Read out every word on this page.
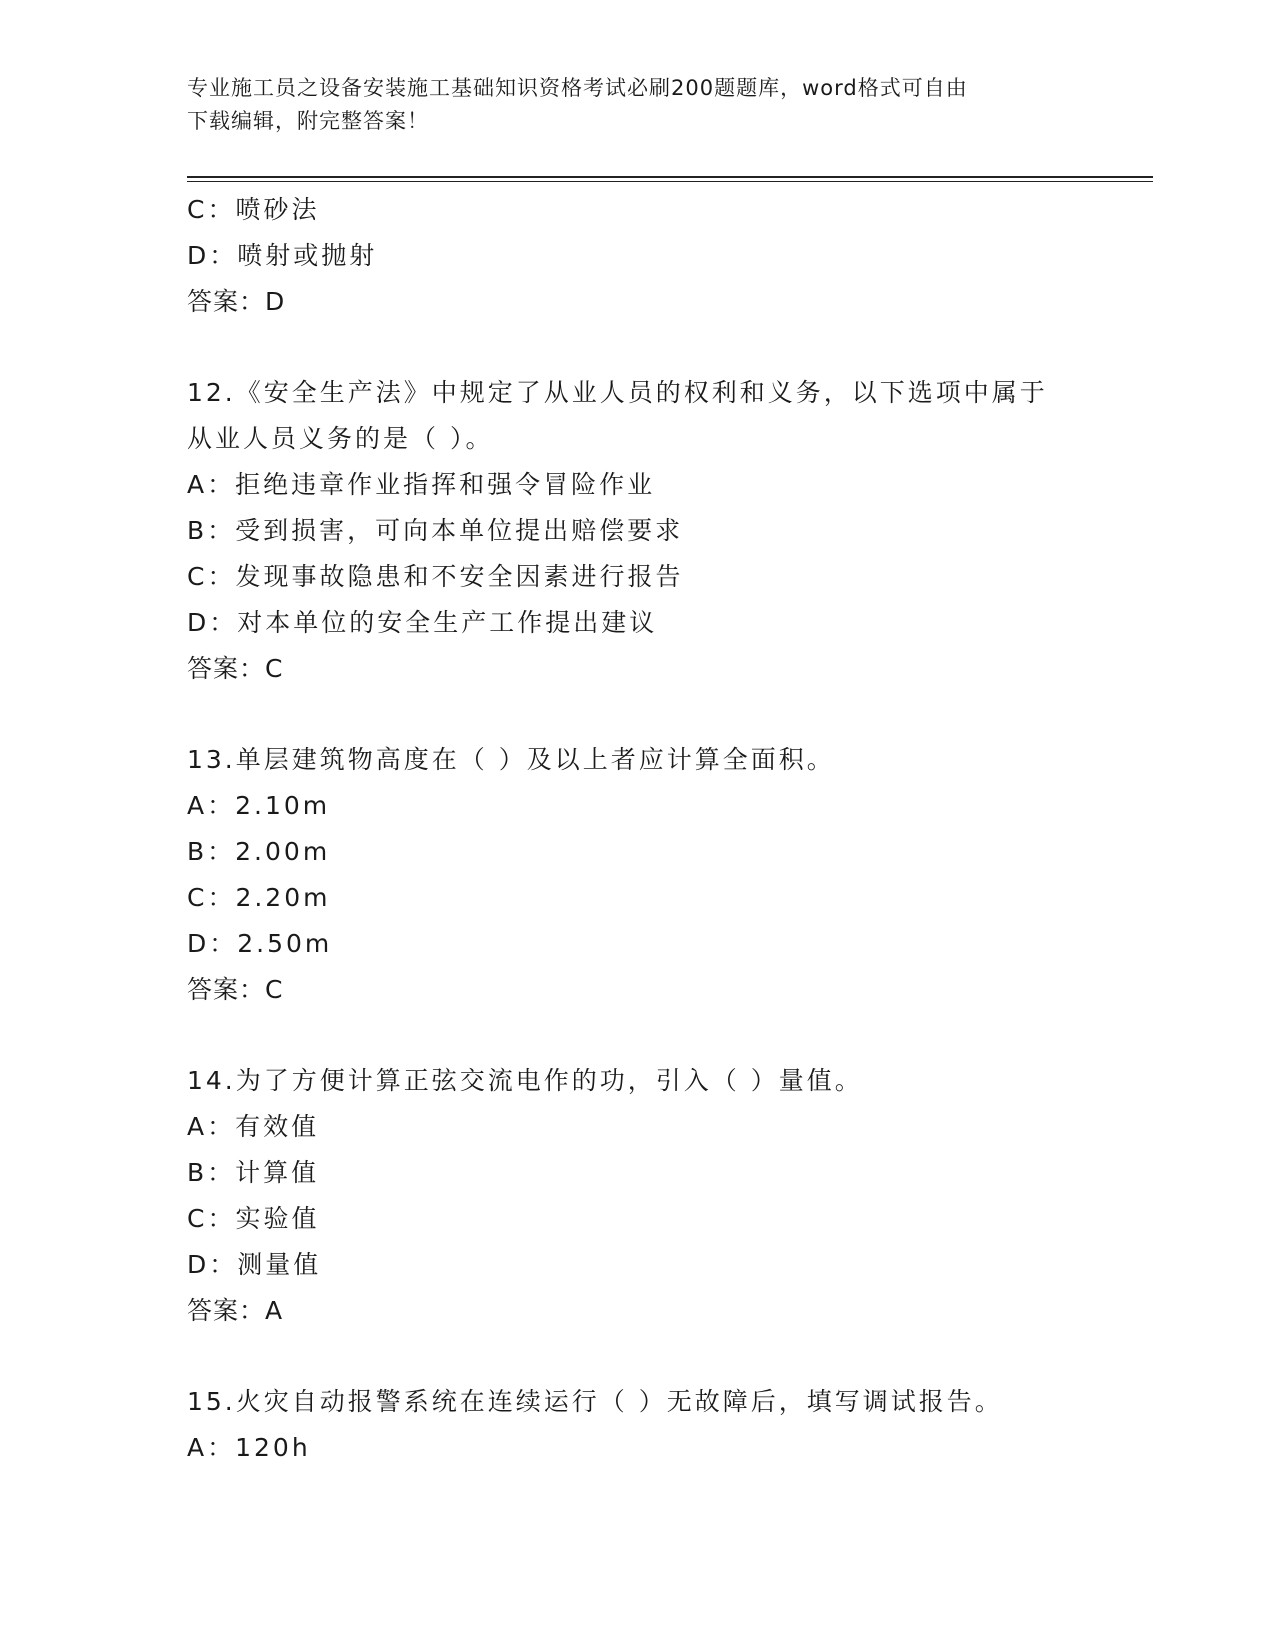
专业施工员之设备安装施工基础知识资格考试必刷200题题库，word格式可自由
下载编辑，附完整答案！
C：喷砂法
D：喷射或抛射
答案：D
12.《安全生产法》中规定了从业人员的权利和义务，以下选项中属于
从业人员义务的是（ ）。
A：拒绝违章作业指挥和强令冒险作业
B：受到损害，可向本单位提出赔偿要求
C：发现事故隐患和不安全因素进行报告
D：对本单位的安全生产工作提出建议
答案：C
13.单层建筑物高度在（ ）及以上者应计算全面积。
A：2.10m
B：2.00m
C：2.20m
D：2.50m
答案：C
14.为了方便计算正弦交流电作的功，引入（ ）量值。
A：有效值
B：计算值
C：实验值
D：测量值
答案：A
15.火灾自动报警系统在连续运行（ ）无故障后，填写调试报告。
A：120h
